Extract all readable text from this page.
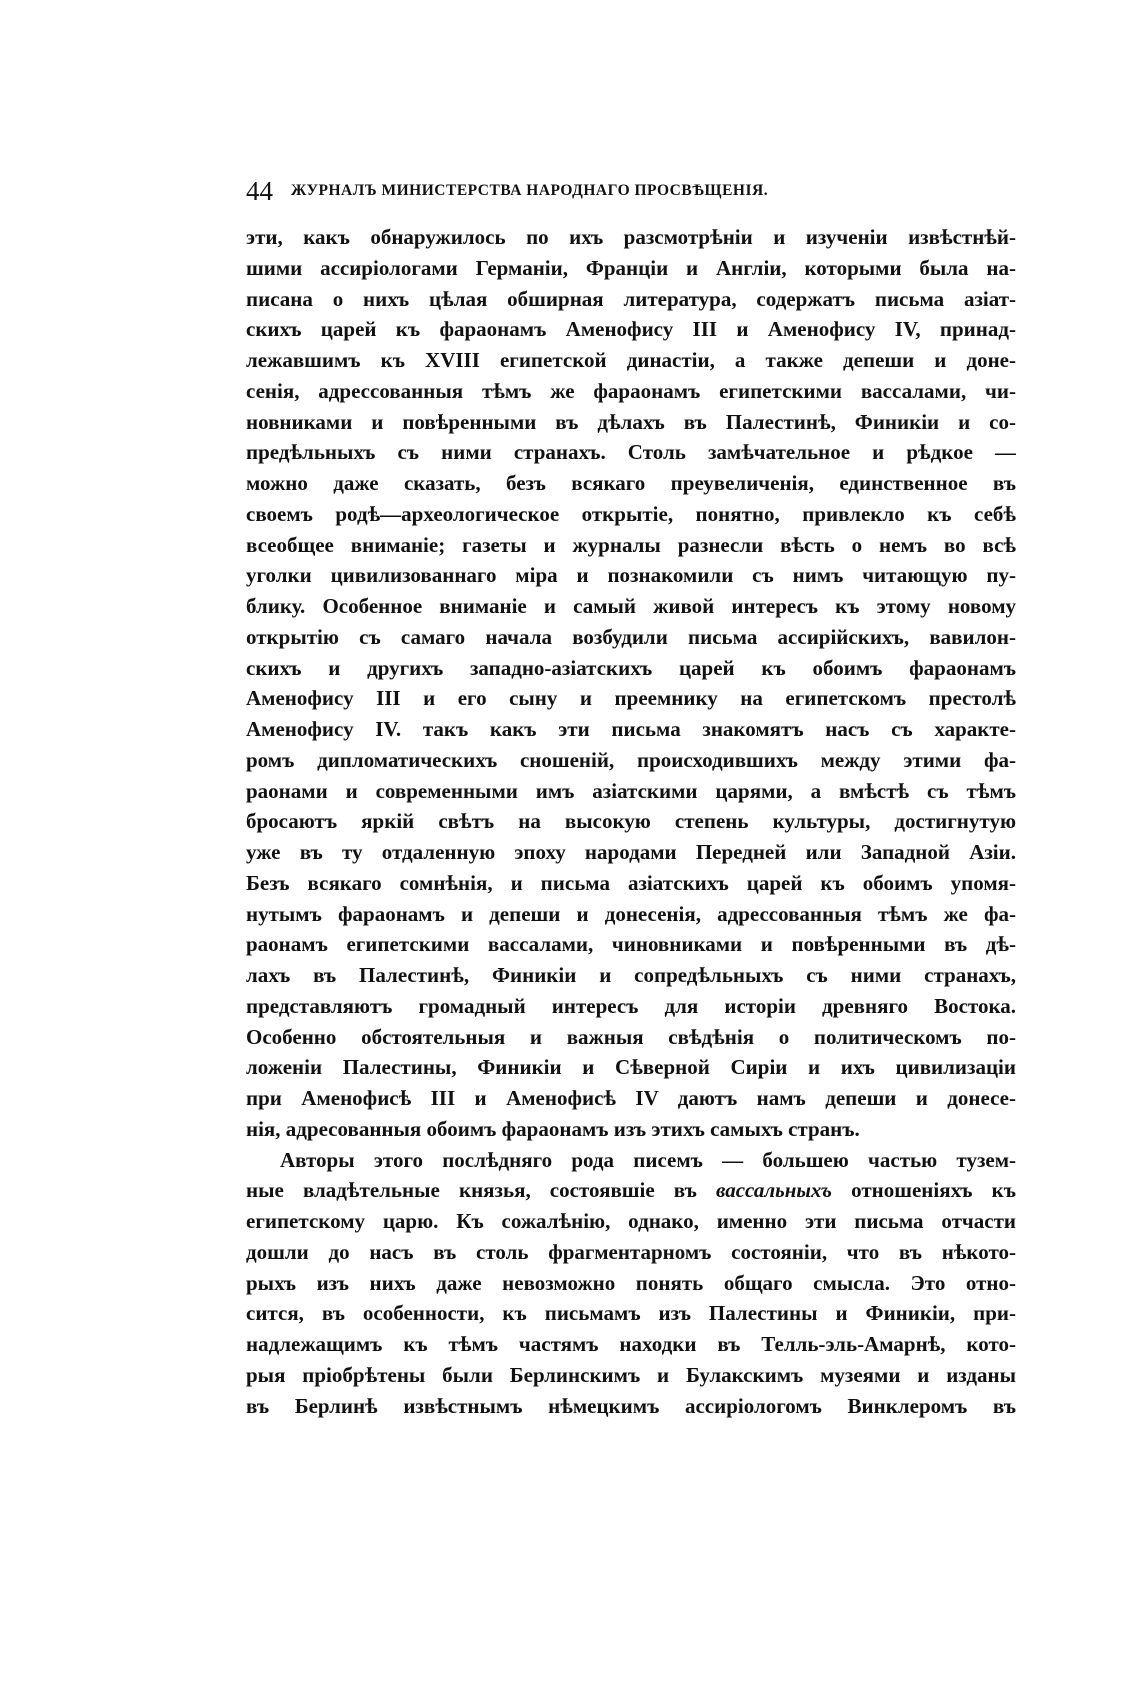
44 ЖУРНАЛЪ МИНИСТЕРСТВА НАРОДНАГО ПРОСВѢЩЕНІЯ.
эти, какъ обнаружилось по ихъ разсмотрѣніи и изученіи извѣстнѣй-
шими ассиріологами Германіи, Франціи и Англіи, которыми была на-
писана о нихъ цѣлая обширная литература, содержатъ письма азіат-
скихъ царей къ фараонамъ Аменофису III и Аменофису IV, принад-
лежавшимъ къ XVIII египетской династіи, а также депеши и доне-
сенія, адрессованныя тѣмъ же фараонамъ египетскими вассалами, чи-
новниками и повѣренными въ дѣлахъ въ Палестинѣ, Финикіи и со-
предѣльныхъ съ ними странахъ. Столь замѣчательное и рѣдкое —
можно даже сказать, безъ всякаго преувеличенія, единственное въ
своемъ родѣ—археологическое открытіе, понятно, привлекло къ себѣ
всеобщее вниманіе; газеты и журналы разнесли вѣсть о немъ во всѣ
уголки цивилизованнаго міра и познакомили съ нимъ читающую пу-
блику. Особенное вниманіе и самый живой интересъ къ этому новому
открытію съ самаго начала возбудили письма ассирійскихъ, вавилон-
скихъ и другихъ западно-азіатскихъ царей къ обоимъ фараонамъ
Аменофису III и его сыну и преемнику на египетскомъ престолѣ
Аменофису IV. такъ какъ эти письма знакомятъ насъ съ характе-
ромъ дипломатическихъ сношеній, происходившихъ между этими фа-
раонами и современными имъ азіатскими царями, а вмѣстѣ съ тѣмъ
бросаютъ яркій свѣтъ на высокую степень культуры, достигнутую
уже въ ту отдаленную эпоху народами Передней или Западной Азіи.
Безъ всякаго сомнѣнія, и письма азіатскихъ царей къ обоимъ упомя-
нутымъ фараонамъ и депеши и донесенія, адрессованныя тѣмъ же фа-
раонамъ египетскими вассалами, чиновниками и повѣренными въ дѣ-
лахъ въ Палестинѣ, Финикіи и сопредѣльныхъ съ ними странахъ,
представляютъ громадный интересъ для исторіи древняго Востока.
Особенно обстоятельныя и важныя свѣдѣнія о политическомъ по-
ложеніи Палестины, Финикіи и Сѣверной Сиріи и ихъ цивилизаціи
при Аменофисѣ III и Аменофисѣ IV даютъ намъ депеши и донесе-
нія, адресованныя обоимъ фараонамъ изъ этихъ самыхъ странъ.
Авторы этого послѣдняго рода писемъ — большею частью тузем-
ные владѣтельные князья, состоявшіе въ вассальныхъ отношеніяхъ къ
египетскому царю. Къ сожалѣнію, однако, именно эти письма отчасти
дошли до насъ въ столь фрагментарномъ состояніи, что въ нѣкото-
рыхъ изъ нихъ даже невозможно понять общаго смысла. Это отно-
сится, въ особенности, къ письмамъ изъ Палестины и Финикіи, при-
надлежащимъ къ тѣмъ частямъ находки въ Телль-эль-Амарнѣ, кото-
рыя пріобрѣтены были Берлинскимъ и Булакскимъ музеями и изданы
въ Берлинѣ извѣстнымъ нѣмецкимъ ассиріологомъ Винклеромъ въ
